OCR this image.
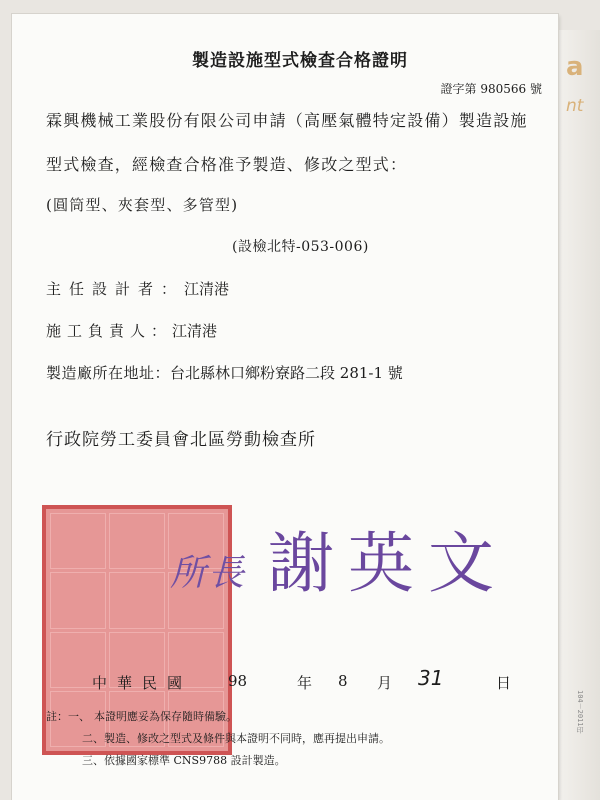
a
nt
製造設施型式檢查合格證明
證字第 980566 號
霖興機械工業股份有限公司申請（高壓氣體特定設備）製造設施
型式檢查，經檢查合格准予製造、修改之型式：
(圓筒型、夾套型、多管型)
(設檢北特-053-006)
主任設計者：江清港
施工負責人：江清港
製造廠所在地址：台北縣林口鄉粉寮路二段 281-1 號
行政院勞工委員會北區勞動檢查所
所長 謝英文
中華民國 98	年 8 月 31	日
註：一、 本證明應妥為保存隨時備驗。
二、製造、修改之型式及條件與本證明不同時，應再提出申請。
三、依據國家標準 CNS9788 設計製造。
104－2011印
